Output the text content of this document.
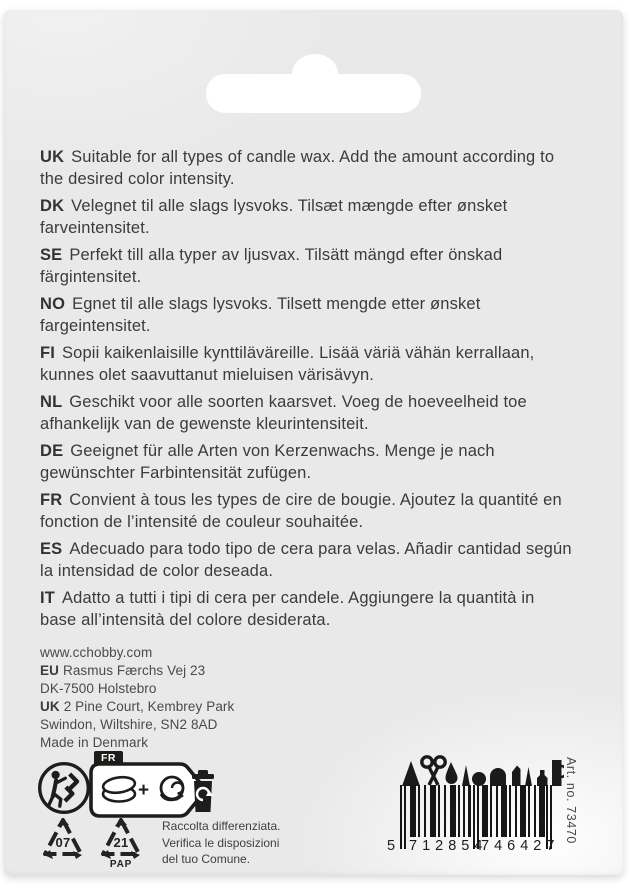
UK Suitable for all types of candle wax. Add the amount according to the desired color intensity.

DK Velegnet til alle slags lysvoks. Tilsæt mængde efter ønsket farveintensitet.

SE Perfekt till alla typer av ljusvax. Tilsätt mängd efter önskad färgintensitet.

NO Egnet til alle slags lysvoks. Tilsett mengde etter ønsket fargeintensitet.

FI Sopii kaikenlaisille kynttiläväreille. Lisää väriä vähän kerrallaan, kunnes olet saavuttanut mieluisen värisävyn.

NL Geschikt voor alle soorten kaarsvet. Voeg de hoeveelheid toe afhankelijk van de gewenste kleurintensiteit.

DE Geeignet für alle Arten von Kerzenwachs. Menge je nach gewünschter Farbintensität zufügen.

FR Convient à tous les types de cire de bougie. Ajoutez la quantité en fonction de l’intensité de couleur souhaitée.

ES Adecuado para todo tipo de cera para velas. Añadir cantidad según la intensidad de color deseada.

IT Adatto a tutti i tipi di cera per candele. Aggiungere la quantità in base all’intensità del colore desiderata.

www.cchobby.com
EU Rasmus Færchs Vej 23
DK-7500 Holstebro
UK 2 Pine Court, Kembrey Park
Swindon, Wiltshire, SN2 8AD
Made in Denmark
FR
+
07	21
PAP
Raccolta differenziata.
Verifica le disposizioni
del tuo Comune.
5 712854
746427
Art. no. 73470
